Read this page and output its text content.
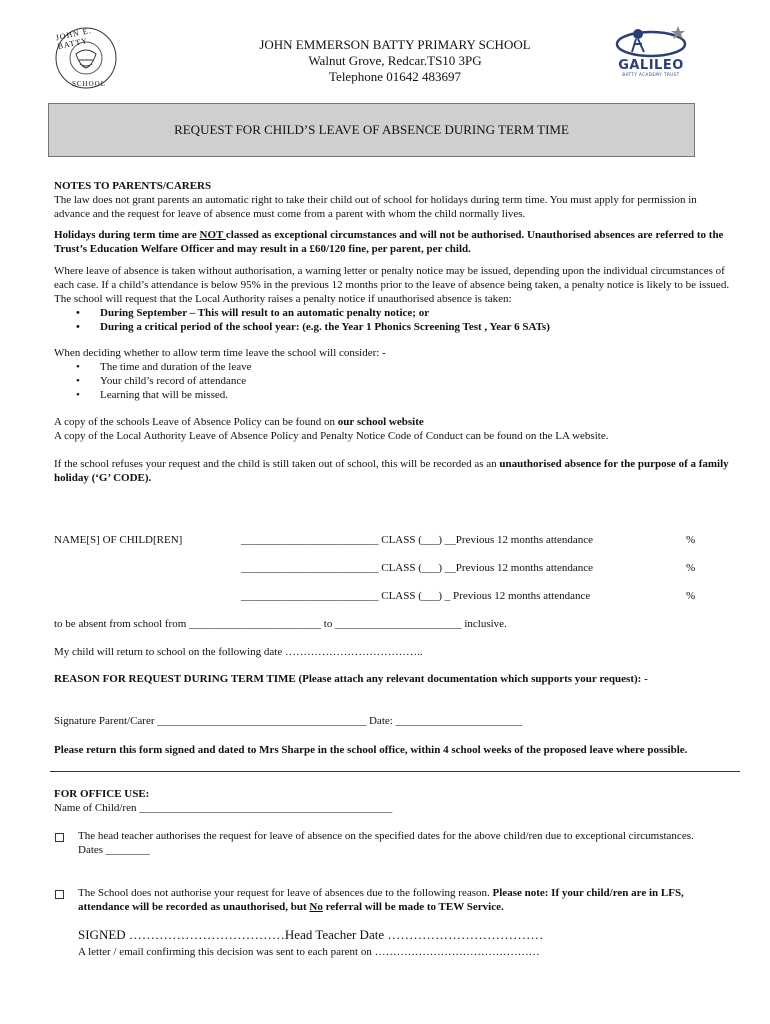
JOHN E. BATTY
SCHOOL
JOHN EMMERSON BATTY PRIMARY SCHOOL
Walnut Grove, Redcar.TS10 3PG
Telephone 01642 483697
GALILEO
BATTY ACADEMY TRUST
REQUEST FOR CHILD’S LEAVE OF ABSENCE DURING TERM TIME
NOTES TO PARENTS/CARERS
The law does not grant parents an automatic right to take their child out of school for holidays during term time. You must apply for permission in advance and the request for leave of absence must come from a parent with whom the child normally lives.
Holidays during term time are NOT classed as exceptional circumstances and will not be authorised. Unauthorised absences are referred to the Trust’s Education Welfare Officer and may result in a £60/120 fine, per parent, per child.
Where leave of absence is taken without authorisation, a warning letter or penalty notice may be issued, depending upon the individual circumstances of each case. If a child’s attendance is below 95% in the previous 12 months prior to the leave of absence being taken, a penalty notice is likely to be issued. The school will request that the Local Authority raises a penalty notice if unauthorised absence is taken:
• During September – This will result to an automatic penalty notice; or
• During a critical period of the school year: (e.g. the Year 1 Phonics Screening Test , Year 6 SATs)
When deciding whether to allow term time leave the school will consider: -
• The time and duration of the leave
• Your child’s record of attendance
• Learning that will be missed.
A copy of the schools Leave of Absence Policy can be found on our school website
A copy of the Local Authority Leave of Absence Policy and Penalty Notice Code of Conduct can be found on the LA website.
If the school refuses your request and the child is still taken out of school, this will be recorded as an unauthorised absence for the purpose of a family holiday (‘G’ CODE).
NAME[S] OF CHILD[REN]	_________________________ CLASS (___) __Previous 12 months attendance	%
_________________________ CLASS (___) __Previous 12 months attendance	%
_________________________ CLASS (___) _ Previous 12 months attendance	%
to be absent from school from ________________________ to _______________________ inclusive.
My child will return to school on the following date ………………………………..
REASON FOR REQUEST DURING TERM TIME (Please attach any relevant documentation which supports your request): -
Signature Parent/Carer ______________________________________ Date: _______________________
Please return this form signed and dated to Mrs Sharpe in the school office, within 4 school weeks of the proposed leave where possible.
FOR OFFICE USE:
Name of Child/ren ______________________________________________
The head teacher authorises the request for leave of absence on the specified dates for the above child/ren due to exceptional circumstances.
Dates ________
The School does not authorise your request for leave of absences due to the following reason. Please note: If your child/ren are in LFS, attendance will be recorded as unauthorised, but No referral will be made to TEW Service.
SIGNED ………………………………Head Teacher Date ………………………………
A letter / email confirming this decision was sent to each parent on ………………………………………
